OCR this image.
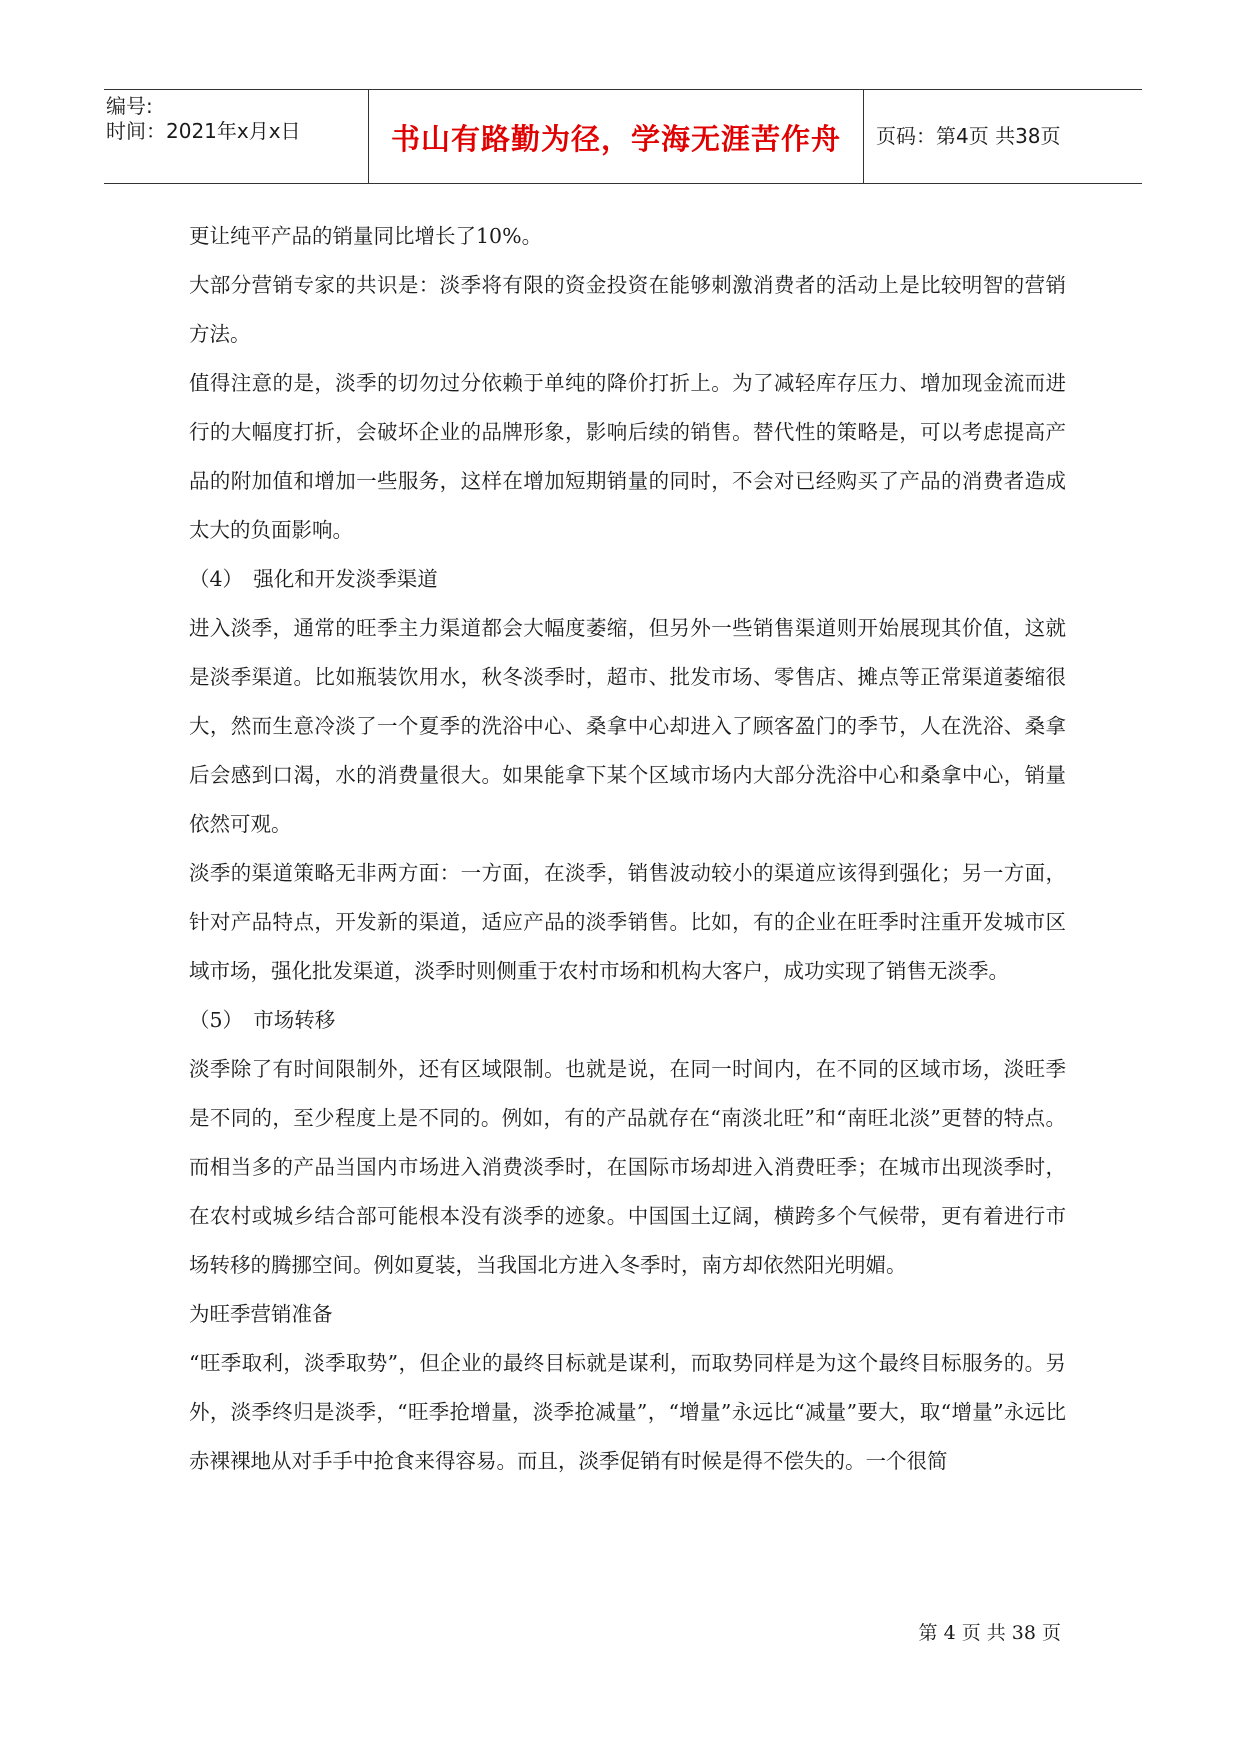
编号:
时间：2021年x月x日	书山有路勤为径，学海无涯苦作舟	页码：第4页 共38页

更让纯平产品的销量同比增长了10%。

大部分营销专家的共识是：淡季将有限的资金投资在能够刺激消费者的活动上是比较明智的营销方法。

值得注意的是，淡季的切勿过分依赖于单纯的降价打折上。为了减轻库存压力、增加现金流而进行的大幅度打折，会破坏企业的品牌形象，影响后续的销售。替代性的策略是，可以考虑提高产品的附加值和增加一些服务，这样在增加短期销量的同时，不会对已经购买了产品的消费者造成太大的负面影响。

（4）　强化和开发淡季渠道

进入淡季，通常的旺季主力渠道都会大幅度萎缩，但另外一些销售渠道则开始展现其价值，这就是淡季渠道。比如瓶装饮用水，秋冬淡季时，超市、批发市场、零售店、摊点等正常渠道萎缩很大，然而生意冷淡了一个夏季的洗浴中心、桑拿中心却进入了顾客盈门的季节，人在洗浴、桑拿后会感到口渴，水的消费量很大。如果能拿下某个区域市场内大部分洗浴中心和桑拿中心，销量依然可观。

淡季的渠道策略无非两方面：一方面，在淡季，销售波动较小的渠道应该得到强化；另一方面，针对产品特点，开发新的渠道，适应产品的淡季销售。比如，有的企业在旺季时注重开发城市区域市场，强化批发渠道，淡季时则侧重于农村市场和机构大客户，成功实现了销售无淡季。

（5）　市场转移

淡季除了有时间限制外，还有区域限制。也就是说，在同一时间内，在不同的区域市场，淡旺季是不同的，至少程度上是不同的。例如，有的产品就存在“南淡北旺”和“南旺北淡”更替的特点。而相当多的产品当国内市场进入消费淡季时，在国际市场却进入消费旺季；在城市出现淡季时，在农村或城乡结合部可能根本没有淡季的迹象。中国国土辽阔，横跨多个气候带，更有着进行市场转移的腾挪空间。例如夏装，当我国北方进入冬季时，南方却依然阳光明媚。

为旺季营销准备

“旺季取利，淡季取势”，但企业的最终目标就是谋利，而取势同样是为这个最终目标服务的。另外，淡季终归是淡季，“旺季抢增量，淡季抢减量”，“增量”永远比“减量”要大，取“增量”永远比赤裸裸地从对手手中抢食来得容易。而且，淡季促销有时候是得不偿失的。一个很简

第 4 页 共 38 页
